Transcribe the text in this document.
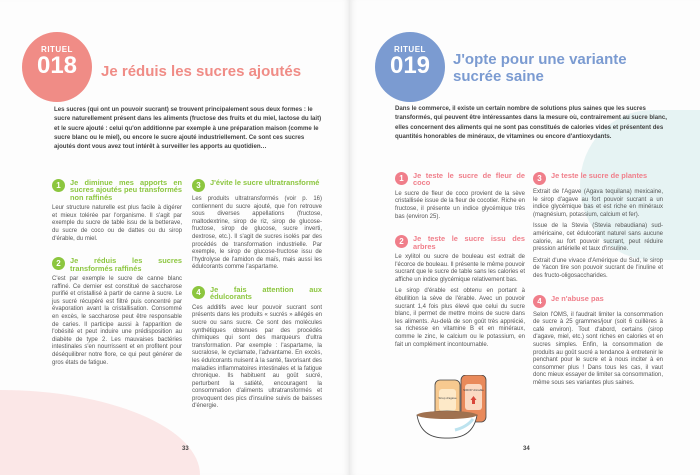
RITUEL
018	Je réduis les sucres ajoutés
Les sucres (qui ont un pouvoir sucrant) se trouvent principalement sous deux formes : le sucre naturellement présent dans les aliments (fructose des fruits et du miel, lactose du lait) et le sucre ajouté : celui qu'on additionne par exemple à une préparation maison (comme le sucre blanc ou le miel), ou encore le sucre ajouté industriellement. Ce sont ces sucres ajoutés dont vous avez tout intérêt à surveiller les apports au quotidien…
1	Je diminue mes apports en sucres ajoutés peu transformés non raffinés

Leur structure naturelle est plus facile à digérer et mieux tolérée par l'organisme. Il s'agit par exemple du sucre de table issu de la betterave, du sucre de coco ou de dattes ou du sirop d'érable, du miel.

2	Je réduis les sucres transformés raffinés

C'est par exemple le sucre de canne blanc raffiné. Ce dernier est constitué de saccharose purifié et cristallisé à partir de canne à sucre. Le jus sucré récupéré est filtré puis concentré par évaporation avant la cristallisation. Consommé en excès, le saccharose peut être responsable de caries. Il participe aussi à l'apparition de l'obésité et peut induire une prédisposition au diabète de type 2. Les mauvaises bactéries intestinales s'en nourrissent et en profitent pour déséquilibrer notre flore, ce qui peut générer de gros états de fatigue.

3	J'évite le sucre ultratransformé

Les produits ultratransformés (voir p. 16) contiennent du sucre ajouté, que l'on retrouve sous diverses appellations (fructose, maltodextrine, sirop de riz, sirop de glucose-fructose, sirop de glucose, sucre inverti, dextrose, etc.). Il s'agit de sucres isolés par des procédés de transformation industrielle. Par exemple, le sirop de glucose-fructose issu de l'hydrolyse de l'amidon de maïs, mais aussi les édulcorants comme l'aspartame.

4	Je fais attention aux édulcorants

Ces additifs avec leur pouvoir sucrant sont présents dans les produits « sucrés » allégés en sucre ou sans sucre. Ce sont des molécules synthétiques obtenues par des procédés chimiques qui sont des marqueurs d'ultra transformation. Par exemple : l'aspartame, la sucralose, le cyclamate, l'advantame. En excès, les édulcorants nuisent à la santé, favorisant des maladies inflammatoires intestinales et la fatigue chronique. Ils habituent au goût sucré, perturbent la satiété, encouragent la consommation d'aliments ultratransformés et provoquent des pics d'insuline suivis de baisses d'énergie.

33
RITUEL
019	J'opte pour une variante
sucrée saine
Dans le commerce, il existe un certain nombre de solutions plus saines que les sucres transformés, qui peuvent être intéressantes dans la mesure où, contrairement au sucre blanc, elles concernent des aliments qui ne sont pas constitués de calories vides et présentent des quantités honorables de minéraux, de vitamines ou encore d'antioxydants.
1	Je teste le sucre de fleur de coco

Le sucre de fleur de coco provient de la sève cristallisée issue de la fleur de cocotier. Riche en fructose, il présente un indice glycémique très bas (environ 25).

2	Je teste le sucre issu des arbres

Le xylitol ou sucre de bouleau est extrait de l'écorce de bouleau. Il présente le même pouvoir sucrant que le sucre de table sans les calories et affiche un indice glycémique relativement bas.

Le sirop d'érable est obtenu en portant à ébullition la sève de l'érable. Avec un pouvoir sucrant 1,4 fois plus élevé que celui du sucre blanc, il permet de mettre moins de sucre dans les aliments. Au-delà de son goût très apprécié, sa richesse en vitamine B et en minéraux, comme le zinc, le calcium ou le potassium, en fait un complément incontournable.

3	Je teste le sucre de plantes

Extrait de l'Agave (Agava tequilana) mexicaine, le sirop d'agave au fort pouvoir sucrant a un indice glycémique bas et est riche en minéraux (magnésium, potassium, calcium et fer).

Issue de la Stevia (Stevia rebaudiana) sud-américaine, cet édulcorant naturel sans aucune calorie, au fort pouvoir sucrant, peut réduire pression artérielle et taux d'insuline.

Extrait d'une vivace d'Amérique du Sud, le sirop de Yacon tire son pouvoir sucrant de l'inuline et des fructo-oligosaccharides.

4	Je n'abuse pas

Selon l'OMS, il faudrait limiter la consommation de sucre à 25 grammes/jour (soit 6 cuillères à café environ). Tout d'abord, certains (sirop d'agave, miel, etc.) sont riches en calories et en sucres simples. Enfin, la consommation de produits au goût sucré a tendance à entretenir le penchant pour le sucre et à nous inciter à en consommer plus ! Dans tous les cas, il vaut donc mieux essayer de limiter sa consommation, même sous ses variantes plus saines.

Sirop d'agave
SIROP d'érable
34
